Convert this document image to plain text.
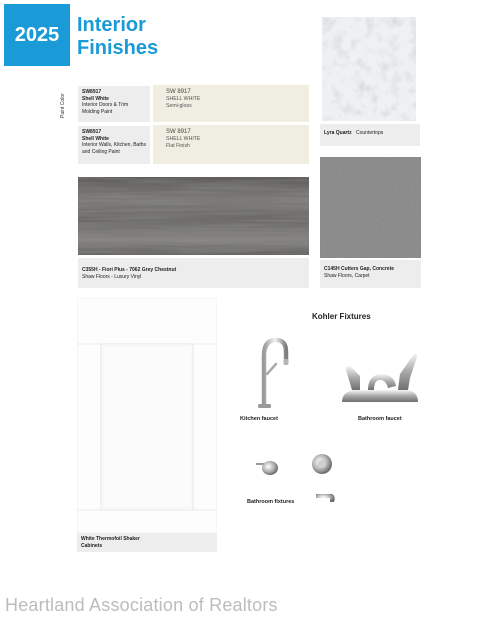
2025 Interior
Finishes
Paint Color
SW8917
Shell White
Interior Doors & Trim Molding Paint
SW 8917
SHELL WHITE
Semi-gloss
SW8917
Shell White
Interior Walls, Kitchen, Baths and Ceiling Paint
SW 8917
SHELL WHITE
Flat Finish
Lyra Quartz Countertops
C355H - Fiori Plus - 7062 Grey Chestnut
Shaw Floors - Luxury Vinyl
C145H Cutters Gap, Concrete
Shaw Floors, Carpet
White Thermofoil Shaker
Cabinets
Kohler Fixtures
Kitchen faucet	Bathroom faucet
Bathroom fixtures
Heartland Association of Realtors
